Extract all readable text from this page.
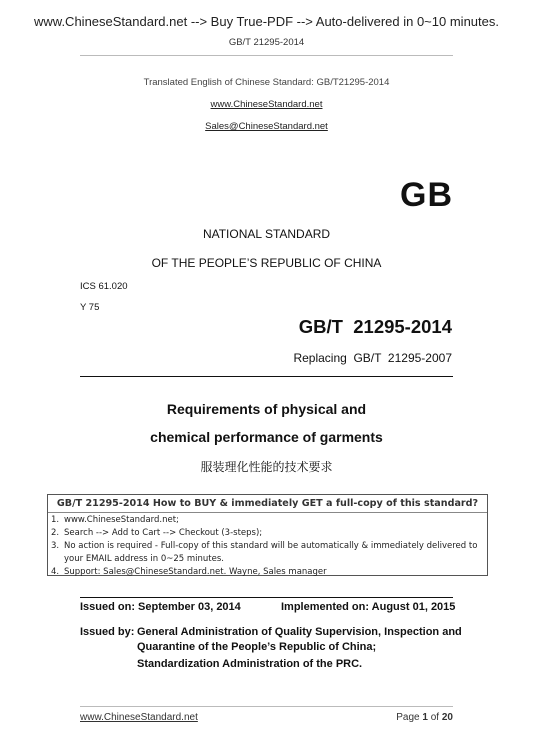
www.ChineseStandard.net --> Buy True-PDF --> Auto-delivered in 0~10 minutes.
GB/T 21295-2014
Translated English of Chinese Standard: GB/T21295-2014
www.ChineseStandard.net
Sales@ChineseStandard.net
GB
NATIONAL STANDARD
OF THE PEOPLE’S REPUBLIC OF CHINA
ICS 61.020
Y 75
GB/T  21295-2014
Replacing  GB/T  21295-2007
Requirements of physical and
chemical performance of garments
服装理化性能的技术要求
GB/T 21295-2014 How to BUY & immediately GET a full-copy of this standard?
1. www.ChineseStandard.net;
2. Search --> Add to Cart --> Checkout (3-steps);
3. No action is required - Full-copy of this standard will be automatically & immediately delivered to your EMAIL address in 0~25 minutes.
4. Support: Sales@ChineseStandard.net. Wayne, Sales manager
Issued on: September 03, 2014	Implemented on: August 01, 2015
Issued by: General Administration of Quality Supervision, Inspection and Quarantine of the People’s Republic of China;
Standardization Administration of the PRC.
www.ChineseStandard.net	Page 1 of 20
